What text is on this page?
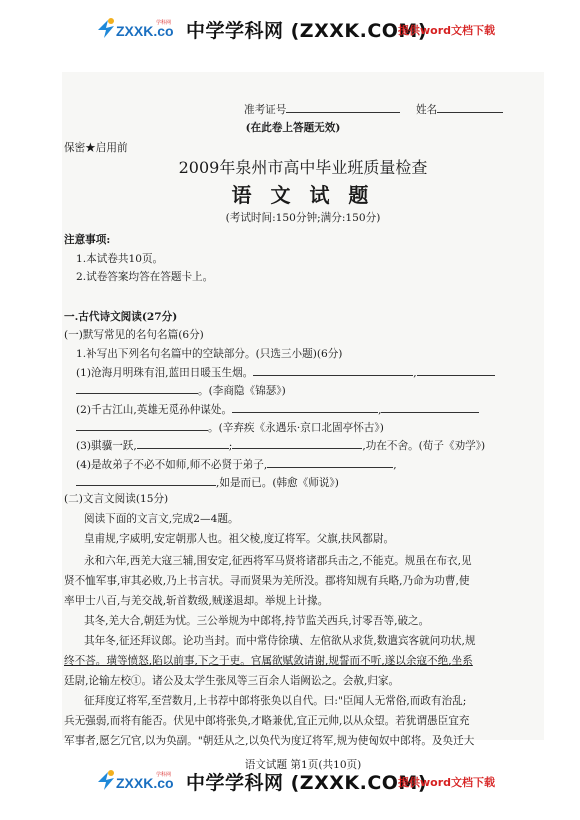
ZXXK.co
学科网 中学学科网 (ZXXK.COM)
提供word文档下载
准考证号	姓名
(在此卷上答题无效)
保密★启用前
2009年泉州市高中毕业班质量检查
语 文 试 题
(考试时间:150分钟;满分:150分)
注意事项:
1.本试卷共10页。
2.试卷答案均答在答题卡上。
一.古代诗文阅读(27分)
(一)默写常见的名句名篇(6分)
1.补写出下列名句名篇中的空缺部分。(只选三小题)(6分)
(1)沧海月明珠有泪,蓝田日暖玉生烟。	,
。(李商隐《锦瑟》)
(2)千古江山,英雄无觅孙仲谋处。	,
。(辛弃疾《永遇乐·京口北固亭怀古》)
(3)骐骥一跃,	;	,功在不舍。(荀子《劝学》)
(4)是故弟子不必不如师,师不必贤于弟子,	,
,如是而已。(韩愈《师说》)
(二)文言文阅读(15分)
阅读下面的文言文,完成2—4题。
皇甫规,字威明,安定朝那人也。祖父棱,度辽将军。父旗,扶风都尉。
永和六年,西羌大寇三辅,围安定,征西将军马贤将诸郡兵击之,不能克。规虽在布衣,见
贤不恤军事,审其必败,乃上书言状。寻而贤果为羌所没。郡将知规有兵略,乃命为功曹,使
率甲士八百,与羌交战,斩首数级,贼遂退却。举规上计掾。
其冬,羌大合,朝廷为忧。三公举规为中郎将,持节监关西兵,讨零吾等,破之。
其年冬,征还拜议郎。论功当封。而中常侍徐璜、左倌欲从求货,数遣宾客就问功状,规
终不荅。璜等愤怒,陷以前事,下之于吏。官属欲赋敛请谢,规誓而不听,遂以余寇不绝,坐系
廷尉,论输左校①。诸公及太学生张凤等三百余人诣阙讼之。会赦,归家。
征拜度辽将军,至营数月,上书荐中郎将张奂以自代。曰:"臣闻人无常俗,而政有治乱;
兵无强弱,而将有能否。伏见中郎将张奂,才略兼优,宜正元帅,以从众望。若犹谓愚臣宜充
军事者,愿乞冗官,以为奂副。"朝廷从之,以奂代为度辽将军,规为使匈奴中郎将。及奂迁大
语文试题 第1页(共10页)
ZXXK.co
学科网 中学学科网 (ZXXK.COM)
提供word文档下载
